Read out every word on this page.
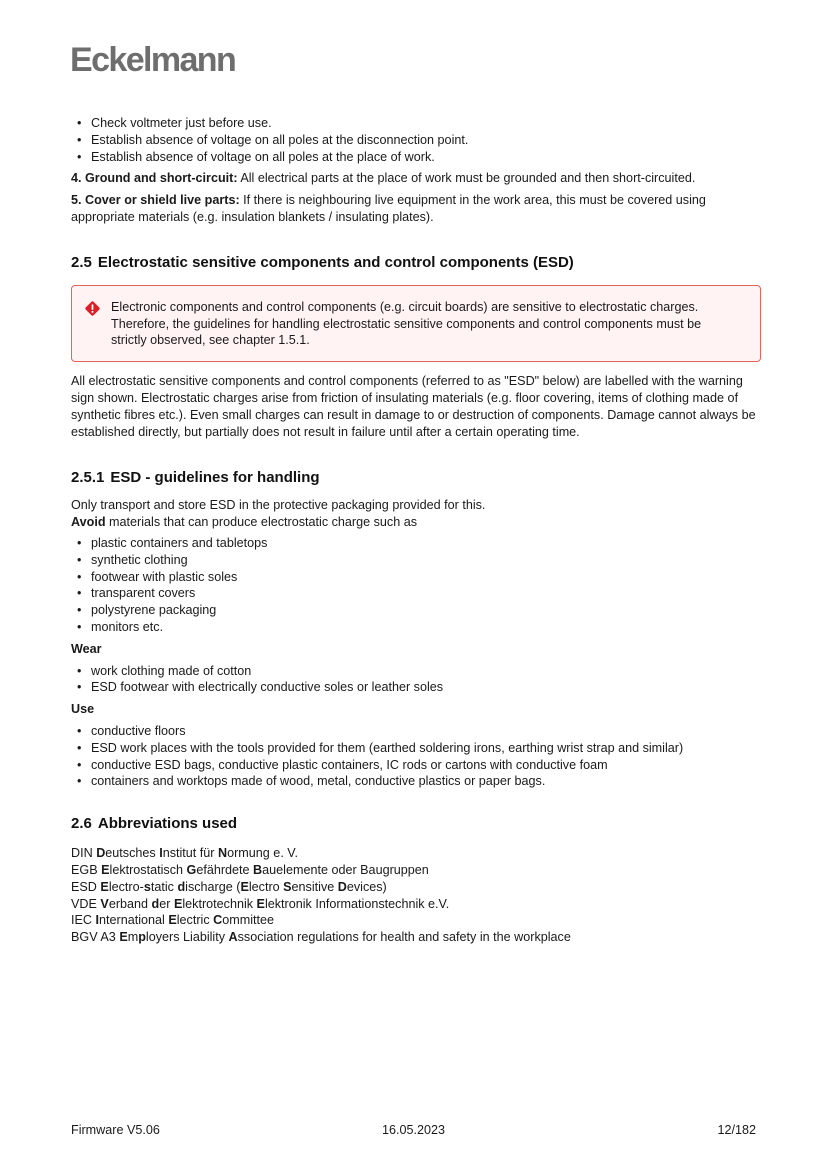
Eckelmann
• Check voltmeter just before use.
• Establish absence of voltage on all poles at the disconnection point.
• Establish absence of voltage on all poles at the place of work.

4. Ground and short-circuit: All electrical parts at the place of work must be grounded and then short-circuited.

5. Cover or shield live parts: If there is neighbouring live equipment in the work area, this must be covered using appropriate materials (e.g. insulation blankets / insulating plates).

2.5 Electrostatic sensitive components and control components (ESD)
Electronic components and control components (e.g. circuit boards) are sensitive to electrostatic charges. Therefore, the guidelines for handling electrostatic sensitive components and control components must be strictly observed, see chapter 1.5.1.

All electrostatic sensitive components and control components (referred to as "ESD" below) are labelled with the warning sign shown. Electrostatic charges arise from friction of insulating materials (e.g. floor covering, items of clothing made of synthetic fibres etc.). Even small charges can result in damage to or destruction of components. Damage cannot always be established directly, but partially does not result in failure until after a certain operating time.

2.5.1 ESD - guidelines for handling

Only transport and store ESD in the protective packaging provided for this.

Avoid materials that can produce electrostatic charge such as

• plastic containers and tabletops
• synthetic clothing
• footwear with plastic soles
• transparent covers
• polystyrene packaging
• monitors etc.

Wear

• work clothing made of cotton
• ESD footwear with electrically conductive soles or leather soles

Use

• conductive floors
• ESD work places with the tools provided for them (earthed soldering irons, earthing wrist strap and similar)
• conductive ESD bags, conductive plastic containers, IC rods or cartons with conductive foam
• containers and worktops made of wood, metal, conductive plastics or paper bags.
2.6 Abbreviations used

DIN Deutsches Institut für Normung e. V.

EGB Elektrostatisch Gefährdete Bauelemente oder Baugruppen

ESD Electro-static discharge (Electro Sensitive Devices)

VDE Verband der Elektrotechnik Elektronik Informationstechnik e.V.

IEC International Electric Committee

BGV A3 Employers Liability Association regulations for health and safety in the workplace

Firmware V5.06	16.05.2023	12/182
